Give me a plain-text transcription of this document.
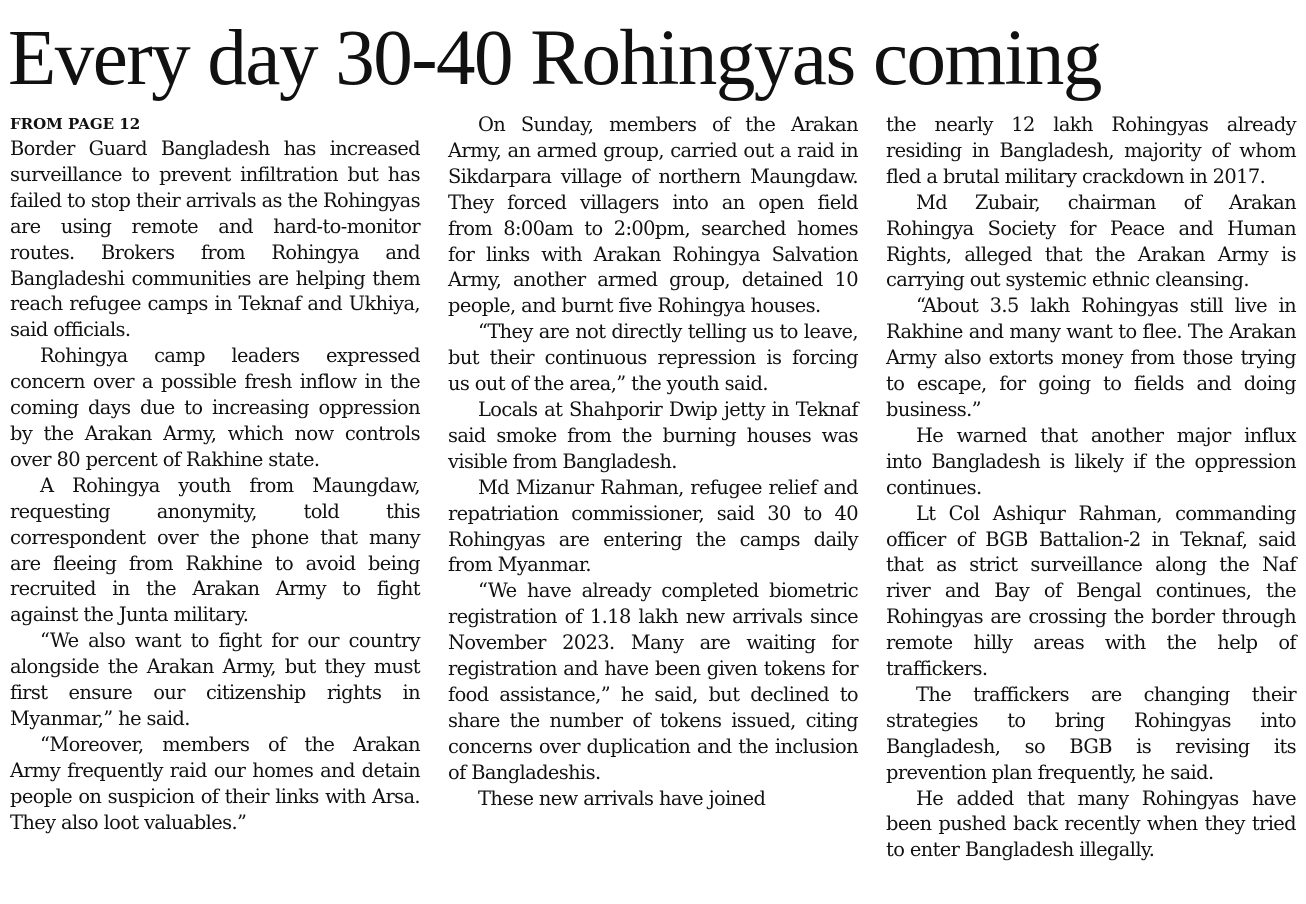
Every day 30-40 Rohingyas coming
FROM PAGE 12

Border Guard Bangladesh has increased surveillance to prevent infiltration but has failed to stop their arrivals as the Rohingyas are using remote and hard-to-monitor routes. Brokers from Rohingya and Bangladeshi communities are helping them reach refugee camps in Teknaf and Ukhiya, said officials.

Rohingya camp leaders expressed concern over a possible fresh inflow in the coming days due to increasing oppression by the Arakan Army, which now controls over 80 percent of Rakhine state.

A Rohingya youth from Maungdaw, requesting anonymity, told this correspondent over the phone that many are fleeing from Rakhine to avoid being recruited in the Arakan Army to fight against the Junta military.

“We also want to fight for our country alongside the Arakan Army, but they must first ensure our citizenship rights in Myanmar,” he said.

“Moreover, members of the Arakan Army frequently raid our homes and detain people on suspicion of their links with Arsa. They also loot valuables.”

On Sunday, members of the Arakan Army, an armed group, carried out a raid in Sikdarpara village of northern Maungdaw. They forced villagers into an open field from 8:00am to 2:00pm, searched homes for links with Arakan Rohingya Salvation Army, another armed group, detained 10 people, and burnt five Rohingya houses.

“They are not directly telling us to leave, but their continuous repression is forcing us out of the area,” the youth said.

Locals at Shahporir Dwip jetty in Teknaf said smoke from the burning houses was visible from Bangladesh.

Md Mizanur Rahman, refugee relief and repatriation commissioner, said 30 to 40 Rohingyas are entering the camps daily from Myanmar.

“We have already completed biometric registration of 1.18 lakh new arrivals since November 2023. Many are waiting for registration and have been given tokens for food assistance,” he said, but declined to share the number of tokens issued, citing concerns over duplication and the inclusion of Bangladeshis.

These new arrivals have joined

the nearly 12 lakh Rohingyas already residing in Bangladesh, majority of whom fled a brutal military crackdown in 2017.

Md Zubair, chairman of Arakan Rohingya Society for Peace and Human Rights, alleged that the Arakan Army is carrying out systemic ethnic cleansing.

“About 3.5 lakh Rohingyas still live in Rakhine and many want to flee. The Arakan Army also extorts money from those trying to escape, for going to fields and doing business.”

He warned that another major influx into Bangladesh is likely if the oppression continues.

Lt Col Ashiqur Rahman, commanding officer of BGB Battalion-2 in Teknaf, said that as strict surveillance along the Naf river and Bay of Bengal continues, the Rohingyas are crossing the border through remote hilly areas with the help of traffickers.

The traffickers are changing their strategies to bring Rohingyas into Bangladesh, so BGB is revising its prevention plan frequently, he said.

He added that many Rohingyas have been pushed back recently when they tried to enter Bangladesh illegally.
